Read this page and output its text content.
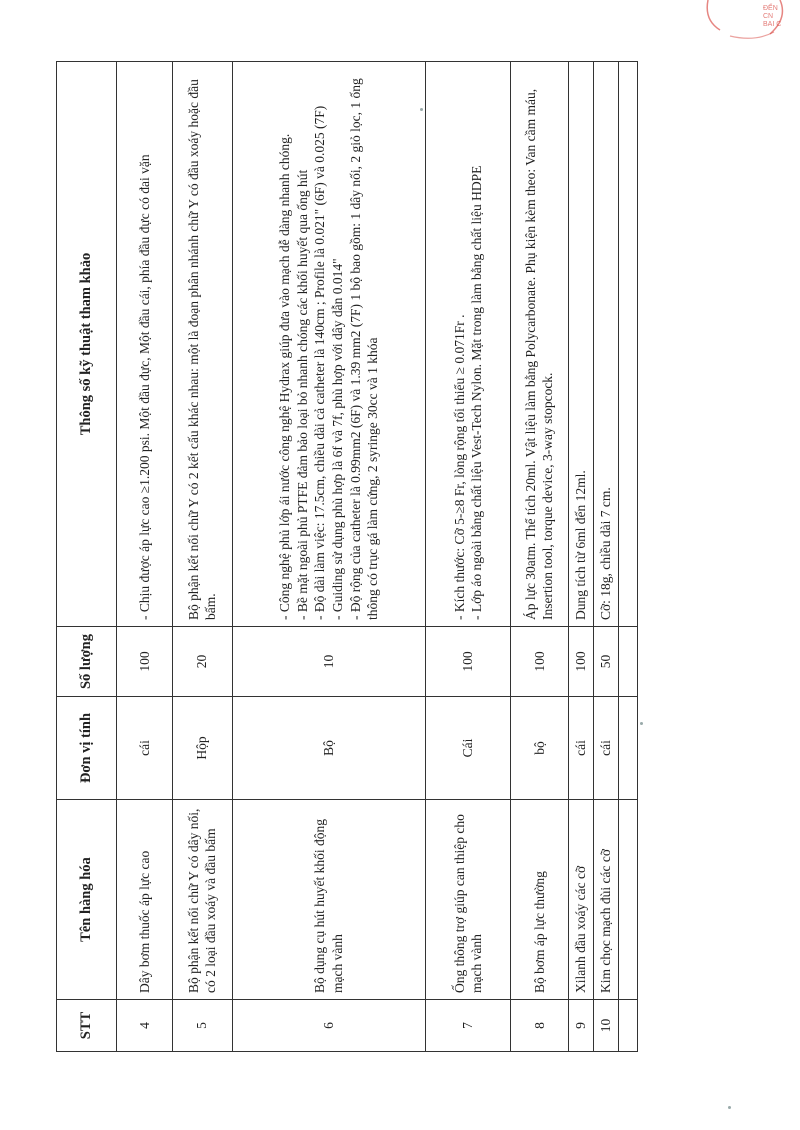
ĐẾN
CN
BAI C
STT	Tên hàng hóa	Đơn vị tính	Số lượng	Thông số kỹ thuật tham khảo
4	Dây bơm thuốc áp lực cao	cái	100	- Chịu được áp lực cao ≥1.200 psi. Một đầu đực, Một đầu cái, phía đầu đực có đai vặn

5	Bộ phận kết nối chữ Y có dây nối, có 2 loại đầu xoáy và đầu bấm	Hộp	20	Bộ phận kết nối chữ Y có 2 kết cấu khác nhau: một là đoạn phân nhánh chữ Y có đầu xoáy hoặc đầu bấm.

6	Bộ dụng cụ hút huyết khối động mạch vành	Bộ	10	- Công nghệ phủ lớp ái nước công nghệ Hydrax giúp đưa vào mạch dễ dàng nhanh chóng. - Bề mặt ngoài phủ PTFE đảm bảo loại bỏ nhanh chóng các khối huyết qua ống hút - Độ dài làm việc: 17.5cm, chiều dài cả catheter là 140cm ; Profile là 0.021" (6F) và 0.025 (7F) - Guiding sử dụng phù hợp là 6f và 7f, phù hợp với dây dẫn 0.014" - Độ rộng của catheter là 0.99mm2 (6F) và 1.39 mm2 (7F) 1 bộ bao gồm: 1 dây nối, 2 giỏ lọc, 1 ống thông có trục gá làm cứng, 2 syringe 30cc và 1 khóa

7	Ống thông trợ giúp can thiệp cho mạch vành	Cái	100	- Kích thước: Cỡ 5-≥8 Fr, lòng rộng tối thiểu ≥ 0.071Fr . - Lớp áo ngoài bằng chất liệu Vest-Tech Nylon. Mặt trong làm bằng chất liệu HDPE

8	Bộ bơm áp lực thường	bộ	100	Áp lực 30atm. Thể tích 20ml. Vật liệu làm bằng Polycarbonate. Phụ kiện kèm theo: Van cầm máu, Insertion tool, torque device, 3-way stopcock.

9	Xilanh đầu xoáy các cỡ	cái	100	Dung tích từ 6ml đến 12ml.

10	Kim chọc mạch đùi các cỡ	cái	50	Cỡ: 18g, chiều dài 7 cm.
